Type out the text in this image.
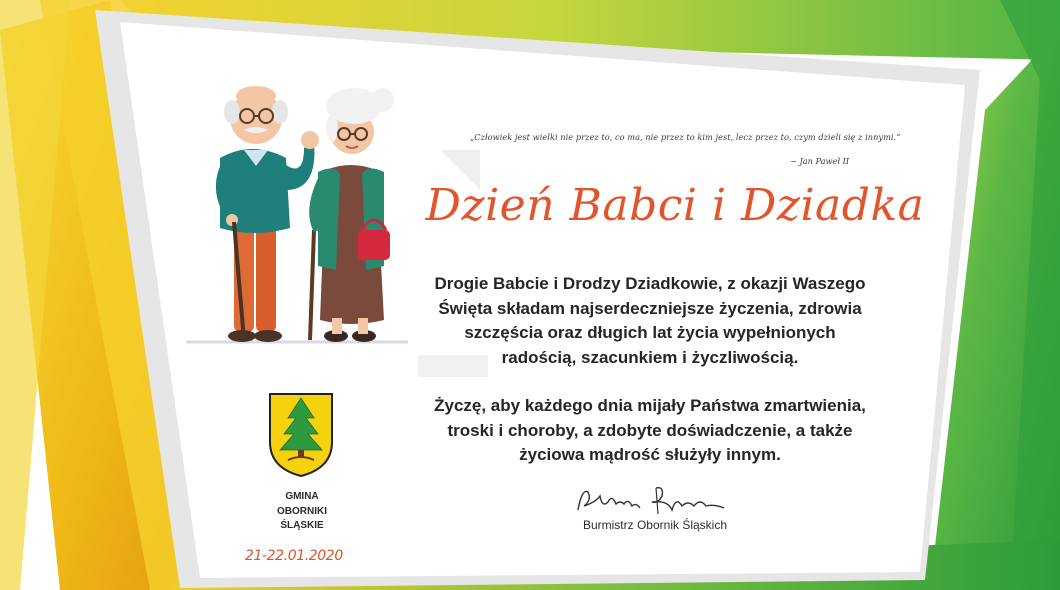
„Człowiek jest wielki nie przez to, co ma, nie przez to kim jest, lecz przez to, czym dzieli się z innymi.”
~ Jan Paweł II
Dzień Babci i Dziadka
Drogie Babcie i Drodzy Dziadkowie, z okazji Waszego
Święta składam najserdeczniejsze życzenia, zdrowia
szczęścia oraz długich lat życia wypełnionych
radością, szacunkiem i życzliwością.
Życzę, aby każdego dnia mijały Państwa zmartwienia,
troski i choroby, a zdobyte doświadczenie, a także
życiowa mądrość służyły innym.
Burmistrz Obornik Śląskich
GMINA
OBORNIKI
ŚLĄSKIE
21-22.01.2020
